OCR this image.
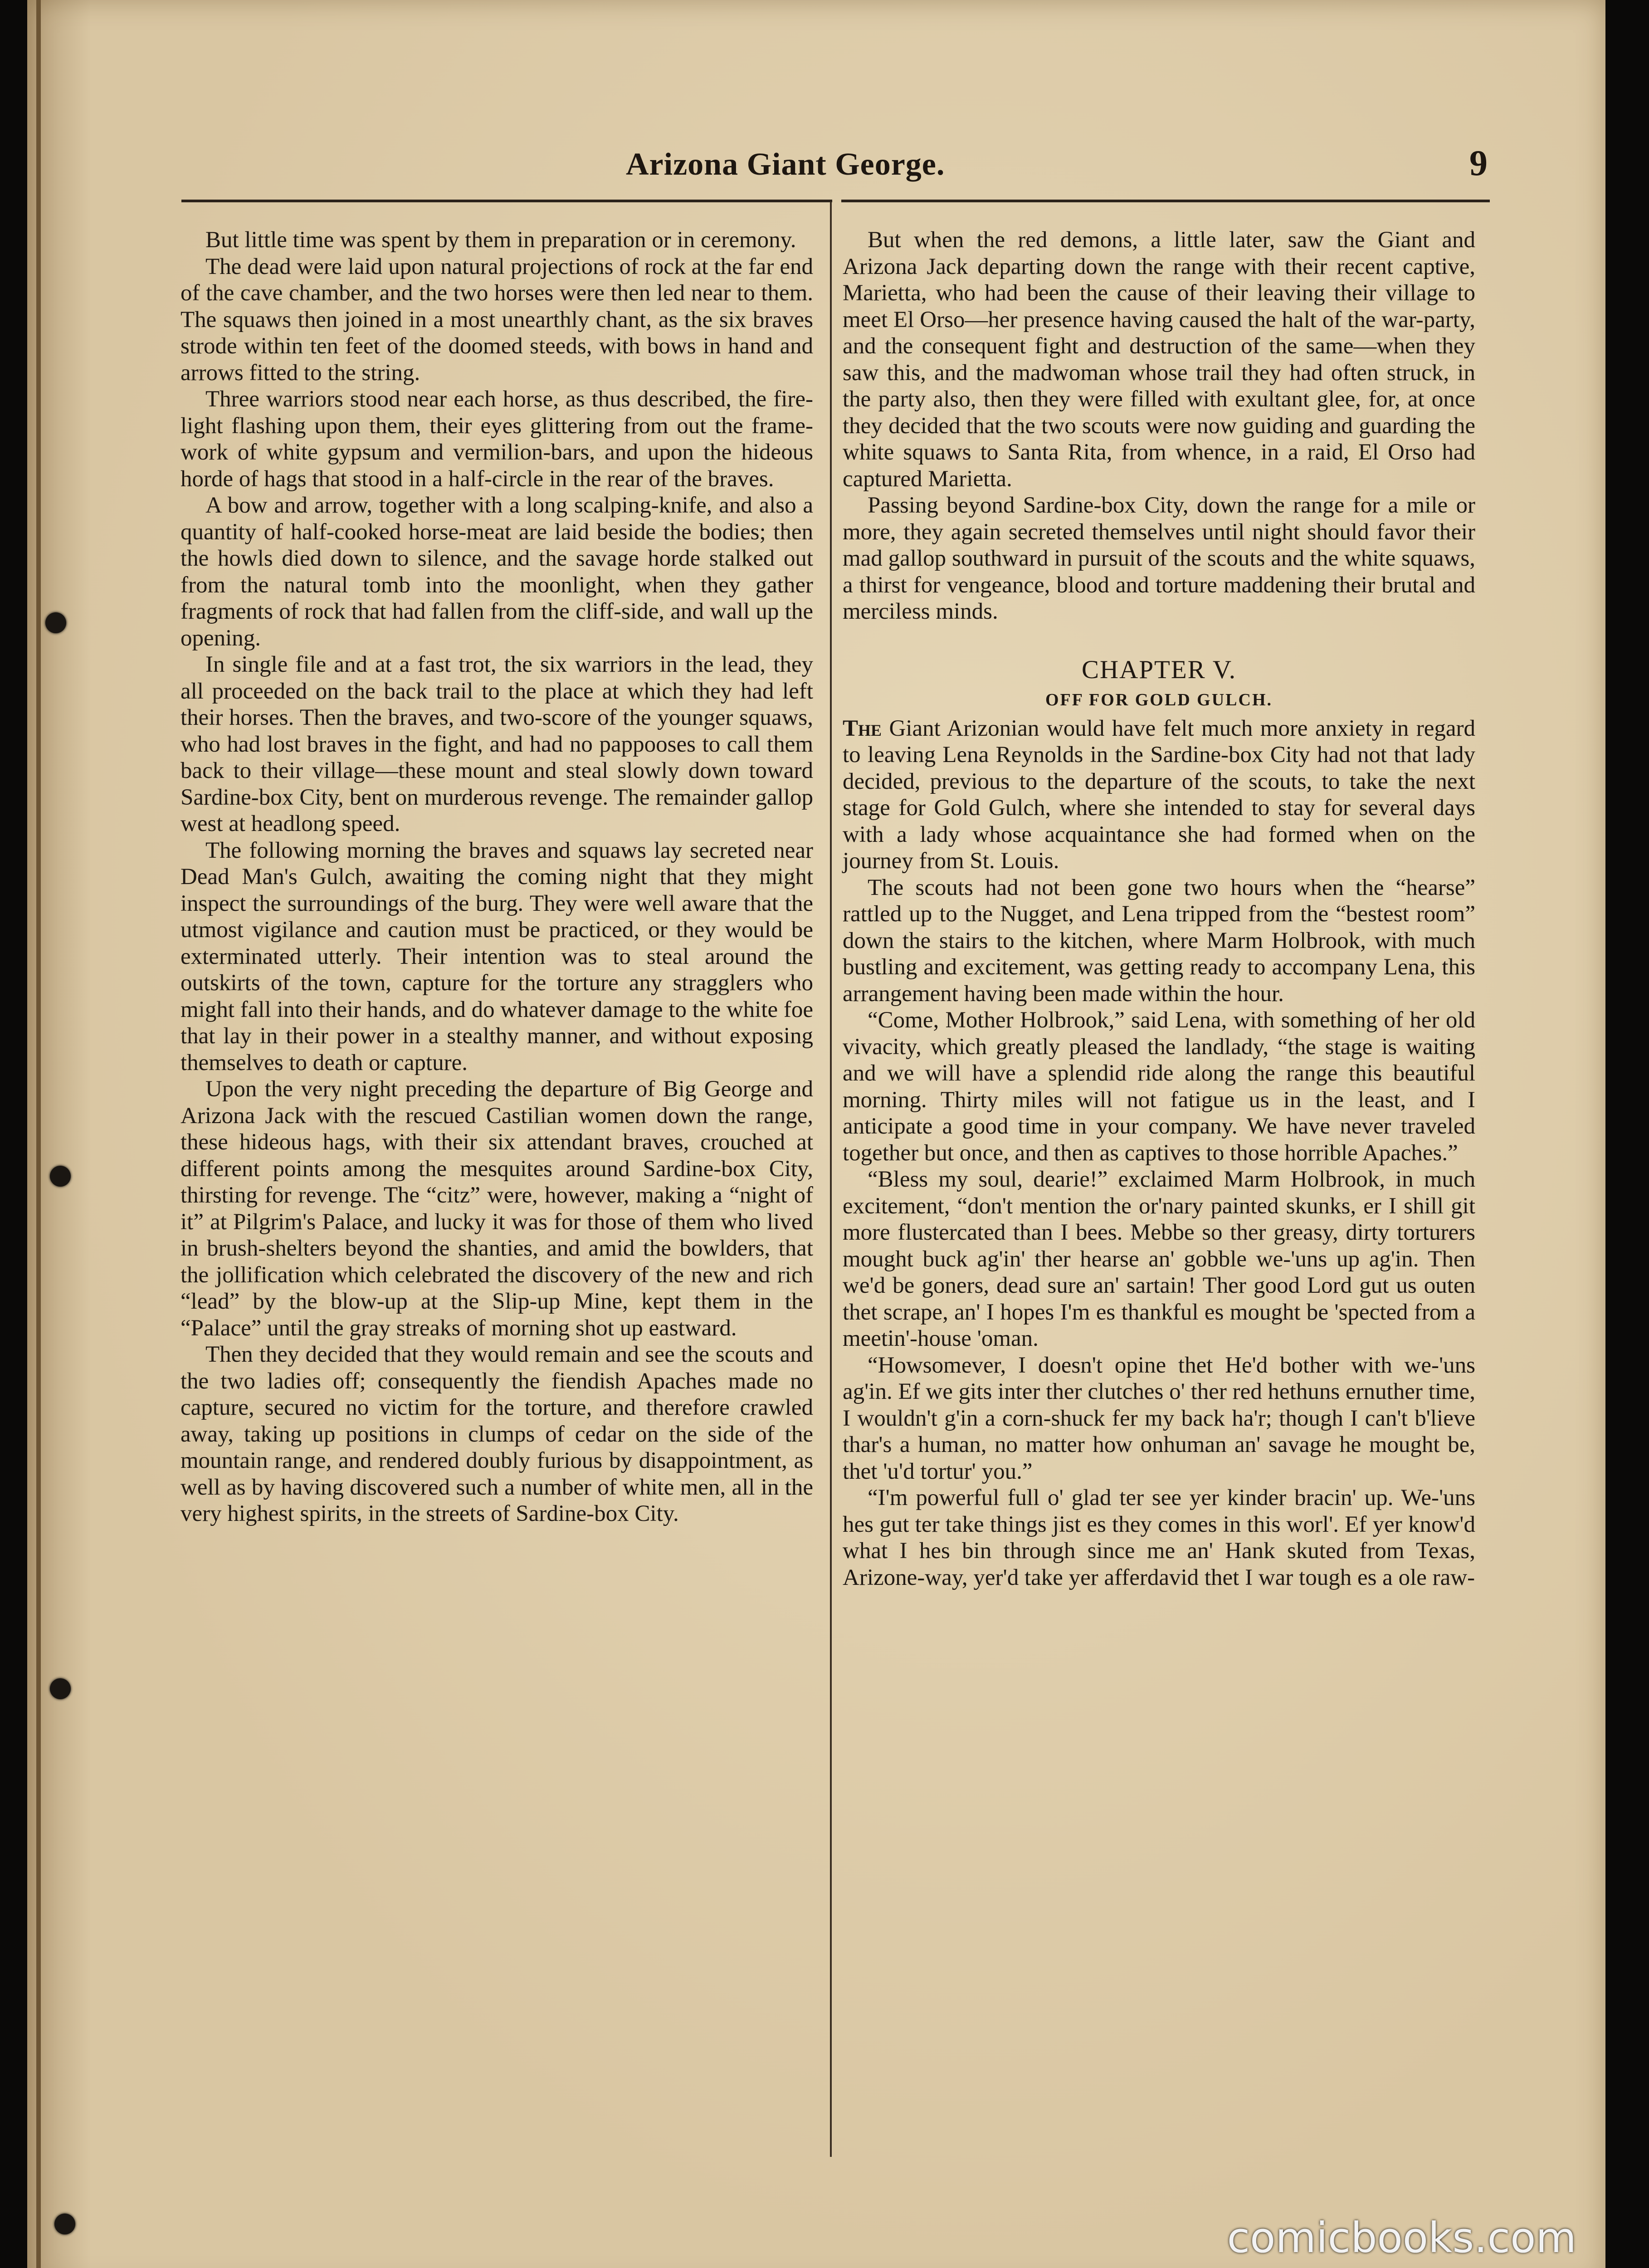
Arizona Giant George.	9

But little time was spent by them in preparation or in ceremony.

The dead were laid upon natural projections of rock at the far end of the cave chamber, and the two horses were then led near to them. The squaws then joined in a most unearthly chant, as the six braves strode within ten feet of the doomed steeds, with bows in hand and arrows fitted to the string.

Three warriors stood near each horse, as thus described, the fire-light flashing upon them, their eyes glittering from out the frame-work of white gypsum and vermilion-bars, and upon the hideous horde of hags that stood in a half-circle in the rear of the braves.

A bow and arrow, together with a long scalping-knife, and also a quantity of half-cooked horse-meat are laid beside the bodies; then the howls died down to silence, and the savage horde stalked out from the natural tomb into the moonlight, when they gather fragments of rock that had fallen from the cliff-side, and wall up the opening.

In single file and at a fast trot, the six warriors in the lead, they all proceeded on the back trail to the place at which they had left their horses. Then the braves, and two-score of the younger squaws, who had lost braves in the fight, and had no pappooses to call them back to their village—these mount and steal slowly down toward Sardine-box City, bent on murderous revenge. The remainder gallop west at headlong speed.

The following morning the braves and squaws lay secreted near Dead Man's Gulch, awaiting the coming night that they might inspect the surroundings of the burg. They were well aware that the utmost vigilance and caution must be practiced, or they would be exterminated utterly. Their intention was to steal around the outskirts of the town, capture for the torture any stragglers who might fall into their hands, and do whatever damage to the white foe that lay in their power in a stealthy manner, and without exposing themselves to death or capture.

Upon the very night preceding the departure of Big George and Arizona Jack with the rescued Castilian women down the range, these hideous hags, with their six attendant braves, crouched at different points among the mesquites around Sardine-box City, thirsting for revenge. The “citz” were, however, making a “night of it” at Pilgrim's Palace, and lucky it was for those of them who lived in brush-shelters beyond the shanties, and amid the bowlders, that the jollification which celebrated the discovery of the new and rich “lead” by the blow-up at the Slip-up Mine, kept them in the “Palace” until the gray streaks of morning shot up eastward.

Then they decided that they would remain and see the scouts and the two ladies off; consequently the fiendish Apaches made no capture, secured no victim for the torture, and therefore crawled away, taking up positions in clumps of cedar on the side of the mountain range, and rendered doubly furious by disappointment, as well as by having discovered such a number of white men, all in the very highest spirits, in the streets of Sardine-box City.

But when the red demons, a little later, saw the Giant and Arizona Jack departing down the range with their recent captive, Marietta, who had been the cause of their leaving their village to meet El Orso—her presence having caused the halt of the war-party, and the consequent fight and destruction of the same—when they saw this, and the madwoman whose trail they had often struck, in the party also, then they were filled with exultant glee, for, at once they decided that the two scouts were now guiding and guarding the white squaws to Santa Rita, from whence, in a raid, El Orso had captured Marietta.

Passing beyond Sardine-box City, down the range for a mile or more, they again secreted themselves until night should favor their mad gallop southward in pursuit of the scouts and the white squaws, a thirst for vengeance, blood and torture maddening their brutal and merciless minds.

CHAPTER V.
OFF FOR GOLD GULCH.

The Giant Arizonian would have felt much more anxiety in regard to leaving Lena Reynolds in the Sardine-box City had not that lady decided, previous to the departure of the scouts, to take the next stage for Gold Gulch, where she intended to stay for several days with a lady whose acquaintance she had formed when on the journey from St. Louis.

The scouts had not been gone two hours when the “hearse” rattled up to the Nugget, and Lena tripped from the “bestest room” down the stairs to the kitchen, where Marm Holbrook, with much bustling and excitement, was getting ready to accompany Lena, this arrangement having been made within the hour.

“Come, Mother Holbrook,” said Lena, with something of her old vivacity, which greatly pleased the landlady, “the stage is waiting and we will have a splendid ride along the range this beautiful morning. Thirty miles will not fatigue us in the least, and I anticipate a good time in your company. We have never traveled together but once, and then as captives to those horrible Apaches.”

“Bless my soul, dearie!” exclaimed Marm Holbrook, in much excitement, “don't mention the or'nary painted skunks, er I shill git more flustercated than I bees. Mebbe so ther greasy, dirty torturers mought buck ag'in' ther hearse an' gobble we-'uns up ag'in. Then we'd be goners, dead sure an' sartain! Ther good Lord gut us outen thet scrape, an' I hopes I'm es thankful es mought be 'spected from a meetin'-house 'oman.

“Howsomever, I doesn't opine thet He'd bother with we-'uns ag'in. Ef we gits inter ther clutches o' ther red hethuns ernuther time, I wouldn't g'in a corn-shuck fer my back ha'r; though I can't b'lieve thar's a human, no matter how onhuman an' savage he mought be, thet 'u'd tortur' you.”

“I'm powerful full o' glad ter see yer kinder bracin' up. We-'uns hes gut ter take things jist es they comes in this worl'. Ef yer know'd what I hes bin through since me an' Hank skuted from Texas, Arizone-way, yer'd take yer afferdavid thet I war tough es a ole raw-

comicbooks.com
